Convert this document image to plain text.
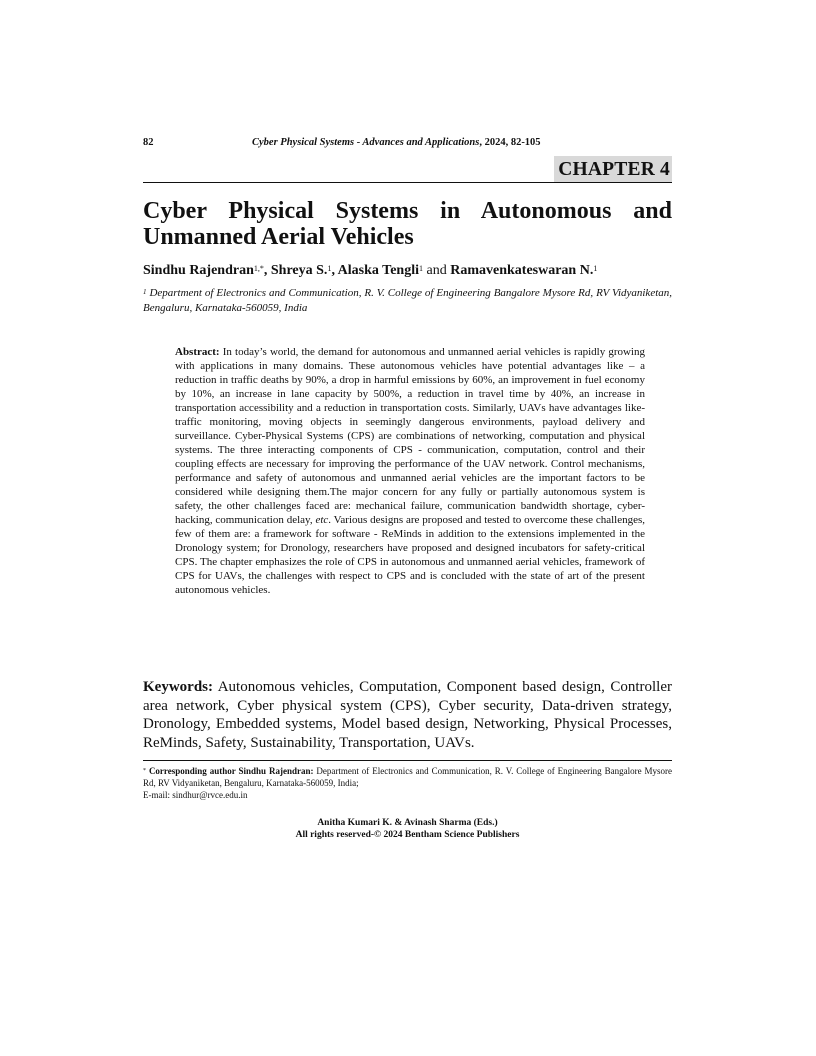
82	Cyber Physical Systems - Advances and Applications, 2024, 82-105
CHAPTER 4
Cyber Physical Systems in Autonomous and Unmanned Aerial Vehicles
Sindhu Rajendran$^{1,*}$, Shreya S.$^1$, Alaska Tengli$^1$ and Ramavenkateswaran N.$^1$
$^1$ Department of Electronics and Communication, R. V. College of Engineering Bangalore Mysore Rd, RV Vidyaniketan, Bengaluru, Karnataka-560059, India
Abstract: In today’s world, the demand for autonomous and unmanned aerial vehicles is rapidly growing with applications in many domains. These autonomous vehicles have potential advantages like – a reduction in traffic deaths by 90%, a drop in harmful emissions by 60%, an improvement in fuel economy by 10%, an increase in lane capacity by 500%, a reduction in travel time by 40%, an increase in transportation accessibility and a reduction in transportation costs. Similarly, UAVs have advantages like- traffic monitoring, moving objects in seemingly dangerous environments, payload delivery and surveillance. Cyber-Physical Systems (CPS) are combinations of networking, computation and physical systems. The three interacting components of CPS - communication, computation, control and their coupling effects are necessary for improving the performance of the UAV network. Control mechanisms, performance and safety of autonomous and unmanned aerial vehicles are the important factors to be considered while designing them.The major concern for any fully or partially autonomous system is safety, the other challenges faced are: mechanical failure, communication bandwidth shortage, cyber-hacking, communication delay, etc. Various designs are proposed and tested to overcome these challenges, few of them are: a framework for software - ReMinds in addition to the extensions implemented in the Dronology system; for Dronology, researchers have proposed and designed incubators for safety-critical CPS. The chapter emphasizes the role of CPS in autonomous and unmanned aerial vehicles, framework of CPS for UAVs, the challenges with respect to CPS and is concluded with the state of art of the present autonomous vehicles.
Keywords: Autonomous vehicles, Computation, Component based design, Controller area network, Cyber physical system (CPS), Cyber security, Data-driven strategy, Dronology, Embedded systems, Model based design, Networking, Physical Processes, ReMinds, Safety, Sustainability, Transportation, UAVs.
* Corresponding author Sindhu Rajendran: Department of Electronics and Communication, R. V. College of Engineering Bangalore Mysore Rd, RV Vidyaniketan, Bengaluru, Karnataka-560059, India;
E-mail: sindhur@rvce.edu.in
Anitha Kumari K. & Avinash Sharma (Eds.)
All rights reserved-© 2024 Bentham Science Publishers
